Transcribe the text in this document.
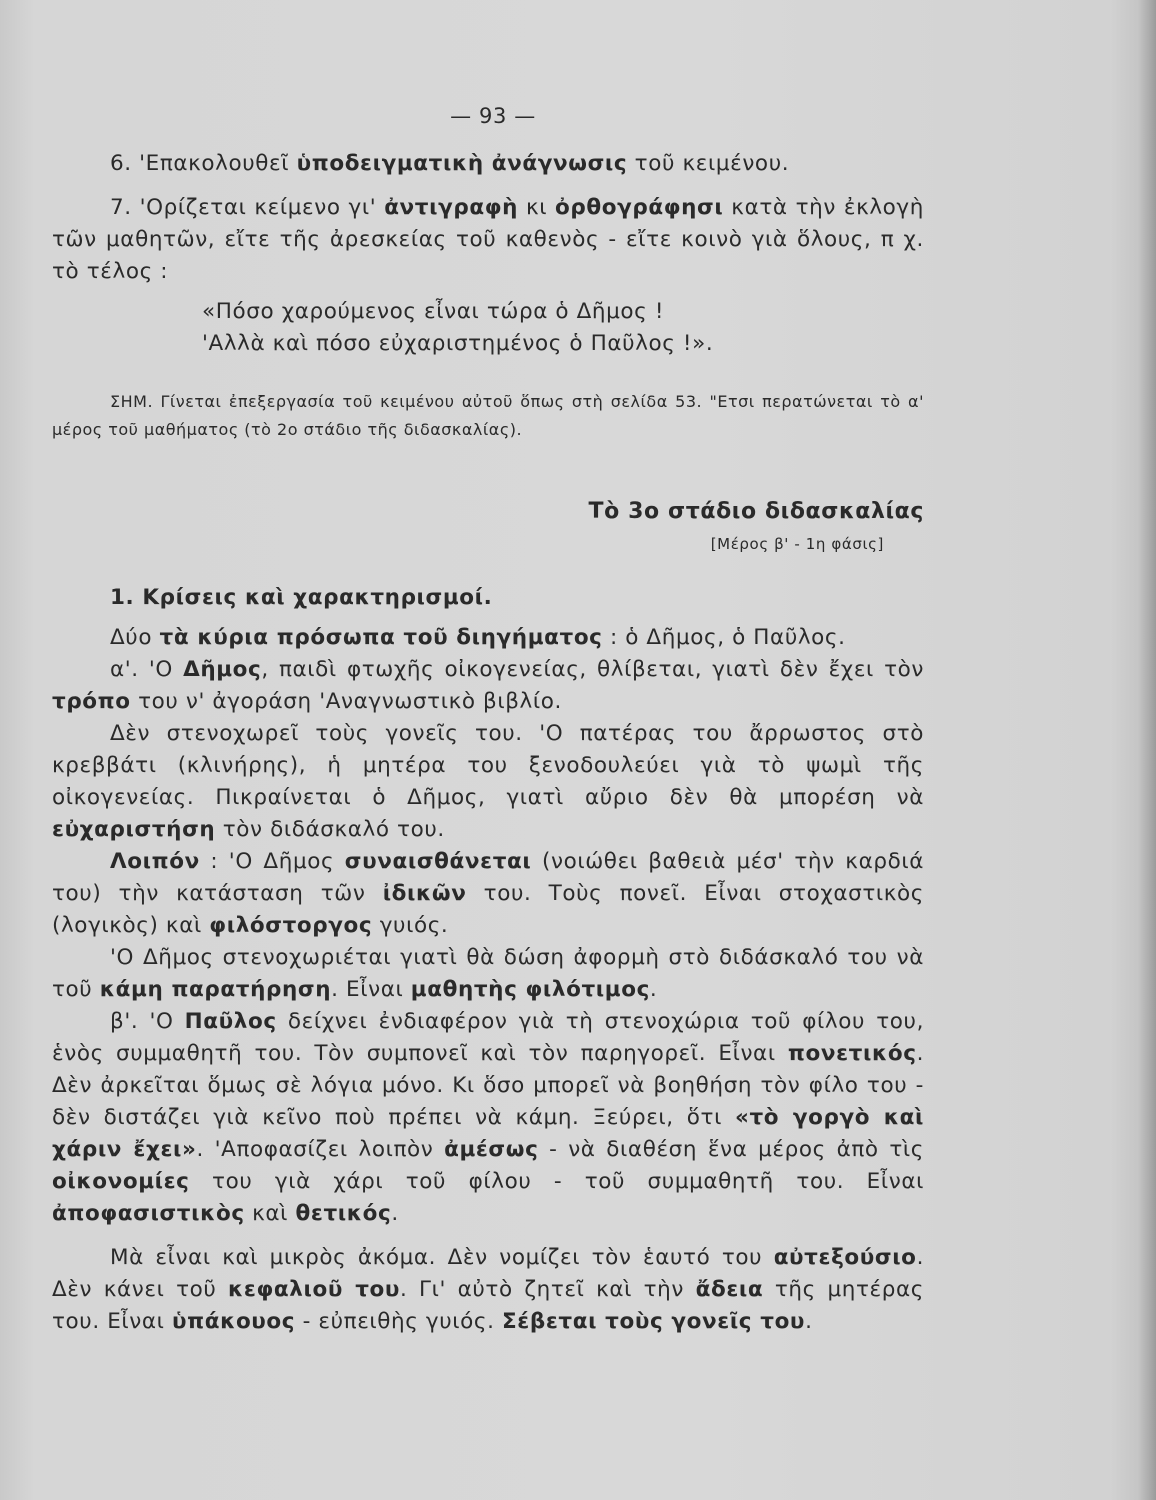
— 93 —

6. 'Επακολουθεῖ ὑποδειγματικὴ ἀνάγνωσις τοῦ κειμένου.

7. 'Ορίζεται κείμενο γι' ἀντιγραφὴ κι ὀρθογράφησι κατὰ τὴν ἐκλογὴ τῶν μαθητῶν, εἴτε τῆς ἀρεσκείας τοῦ καθενὸς - εἴτε κοινὸ γιὰ ὅλους, π χ. τὸ τέλος :

«Πόσο χαρούμενος εἶναι τώρα ὁ Δῆμος !
'Αλλὰ καὶ πόσο εὐχαριστημένος ὁ Παῦλος !».

ΣΗΜ. Γίνεται ἐπεξεργασία τοῦ κειμένου αὐτοῦ ὅπως στὴ σελίδα 53. "Ετσι περατώνεται τὸ α' μέρος τοῦ μαθήματος (τὸ 2ο στάδιο τῆς διδασκαλίας).

Τὸ 3ο στάδιο διδασκαλίας
[Μέρος β' - 1η φάσις]
1. Κρίσεις καὶ χαρακτηρισμοί.

Δύο τὰ κύρια πρόσωπα τοῦ διηγήματος : ὁ Δῆμος, ὁ Παῦλος.

α'. 'Ο Δῆμος, παιδὶ φτωχῆς οἰκογενείας, θλίβεται, γιατὶ δὲν ἔχει τὸν τρόπο του ν' ἀγοράση 'Αναγνωστικὸ βιβλίο.

Δὲν στενοχωρεῖ τοὺς γονεῖς του. 'Ο πατέρας του ἄρρωστος στὸ κρεββάτι (κλινήρης), ἡ μητέρα του ξενοδουλεύει γιὰ τὸ ψωμὶ τῆς οἰκογενείας. Πικραίνεται ὁ Δῆμος, γιατὶ αὔριο δὲν θὰ μπορέση νὰ εὐχαριστήση τὸν διδάσκαλό του.

Λοιπόν : 'Ο Δῆμος συναισθάνεται (νοιώθει βαθειὰ μέσ' τὴν καρδιά του) τὴν κατάσταση τῶν ἰδικῶν του. Τοὺς πονεῖ. Εἶναι στοχαστικὸς (λογικὸς) καὶ φιλόστοργος γυιός.

'Ο Δῆμος στενοχωριέται γιατὶ θὰ δώση ἀφορμὴ στὸ διδάσκαλό του νὰ τοῦ κάμη παρατήρηση. Εἶναι μαθητὴς φιλότιμος.

β'. 'Ο Παῦλος δείχνει ἐνδιαφέρον γιὰ τὴ στενοχώρια τοῦ φίλου του, ἑνὸς συμμαθητῆ του. Τὸν συμπονεῖ καὶ τὸν παρηγορεῖ. Εἶναι πονετικός. Δὲν ἀρκεῖται ὅμως σὲ λόγια μόνο. Κι ὅσο μπορεῖ νὰ βοηθήση τὸν φίλο του - δὲν διστάζει γιὰ κεῖνο ποὺ πρέπει νὰ κάμη. Ξεύρει, ὅτι «τὸ γοργὸ καὶ χάριν ἔχει». 'Αποφασίζει λοιπὸν ἀμέσως - νὰ διαθέση ἕνα μέρος ἀπὸ τὶς οἰκονομίες του γιὰ χάρι τοῦ φίλου - τοῦ συμμαθητῆ του. Εἶναι ἀποφασιστικὸς καὶ θετικός.

Μὰ εἶναι καὶ μικρὸς ἀκόμα. Δὲν νομίζει τὸν ἑαυτό του αὐτεξούσιο. Δὲν κάνει τοῦ κεφαλιοῦ του. Γι' αὐτὸ ζητεῖ καὶ τὴν ἄδεια τῆς μητέρας του. Εἶναι ὑπάκουος - εὐπειθὴς γυιός. Σέβεται τοὺς γονεῖς του.
